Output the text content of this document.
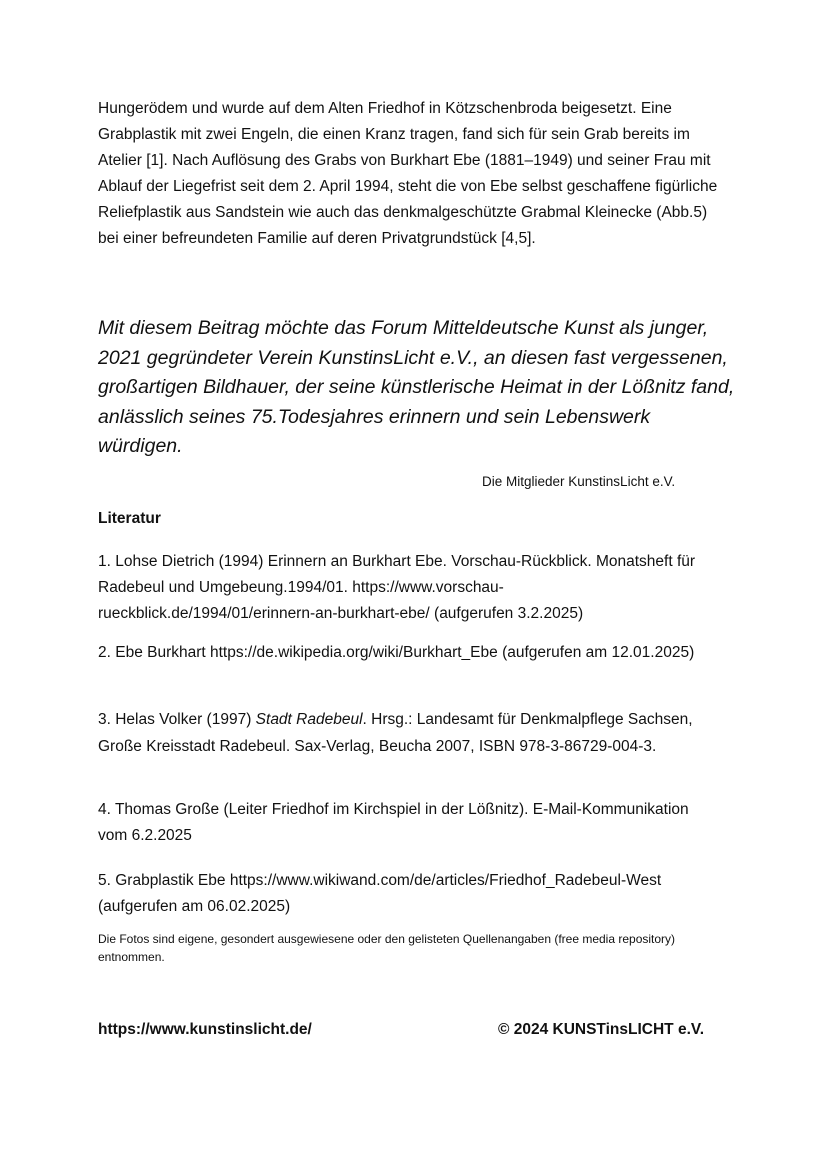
Hungerödem und wurde auf dem Alten Friedhof in Kötzschenbroda beigesetzt. Eine Grabplastik mit zwei Engeln, die einen Kranz tragen, fand sich für sein Grab bereits im Atelier [1]. Nach Auflösung des Grabs von Burkhart Ebe (1881–1949) und seiner Frau mit Ablauf der Liegefrist seit dem 2. April 1994, steht die von Ebe selbst geschaffene figürliche Reliefplastik aus Sandstein wie auch das denkmalgeschützte Grabmal Kleinecke (Abb.5) bei einer befreundeten Familie auf deren Privatgrundstück [4,5].

Mit diesem Beitrag möchte das Forum Mitteldeutsche Kunst als junger, 2021 gegründeter Verein KunstinsLicht e.V., an diesen fast vergessenen, großartigen Bildhauer, der seine künstlerische Heimat in der Lößnitz fand, anlässlich seines 75.Todesjahres erinnern und sein Lebenswerk würdigen.

Die Mitglieder KunstinsLicht e.V.
Literatur

1. Lohse Dietrich (1994) Erinnern an Burkhart Ebe. Vorschau-Rückblick. Monatsheft für Radebeul und Umgebeung.1994/01. https://www.vorschau-rueckblick.de/1994/01/erinnern-an-burkhart-ebe/ (aufgerufen 3.2.2025)

2. Ebe Burkhart https://de.wikipedia.org/wiki/Burkhart_Ebe (aufgerufen am 12.01.2025)

3. Helas Volker (1997) Stadt Radebeul. Hrsg.: Landesamt für Denkmalpflege Sachsen, Große Kreisstadt Radebeul. Sax-Verlag, Beucha 2007, ISBN 978-3-86729-004-3.

4. Thomas Große (Leiter Friedhof im Kirchspiel in der Lößnitz). E-Mail-Kommunikation vom 6.2.2025

5. Grabplastik Ebe https://www.wikiwand.com/de/articles/Friedhof_Radebeul-West (aufgerufen am 06.02.2025)

Die Fotos sind eigene, gesondert ausgewiesene oder den gelisteten Quellenangaben (free media repository) entnommen.

https://www.kunstinslicht.de/	© 2024 KUNSTinsLICHT e.V.
